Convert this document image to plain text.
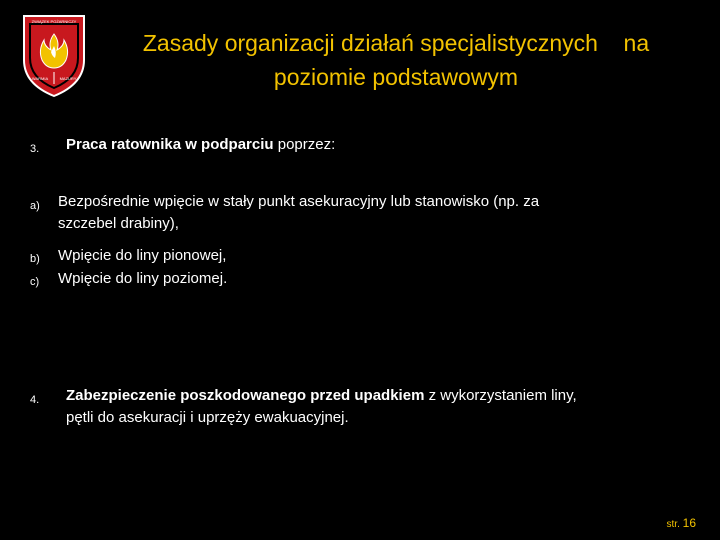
ZWIĄZEK POŻARNICZY
WARMIA	MAZURY
Zasady organizacji działań specjalistycznych    na
poziomie podstawowym
3. Praca ratownika w podparciu poprzez:
a) Bezpośrednie wpięcie w stały punkt asekuracyjny lub stanowisko (np. za
szczebel drabiny),
b) Wpięcie do liny pionowej,
c) Wpięcie do liny poziomej.
4. Zabezpieczenie poszkodowanego przed upadkiem z wykorzystaniem liny,
pętli do asekuracji i uprzęży ewakuacyjnej.
str. 16
